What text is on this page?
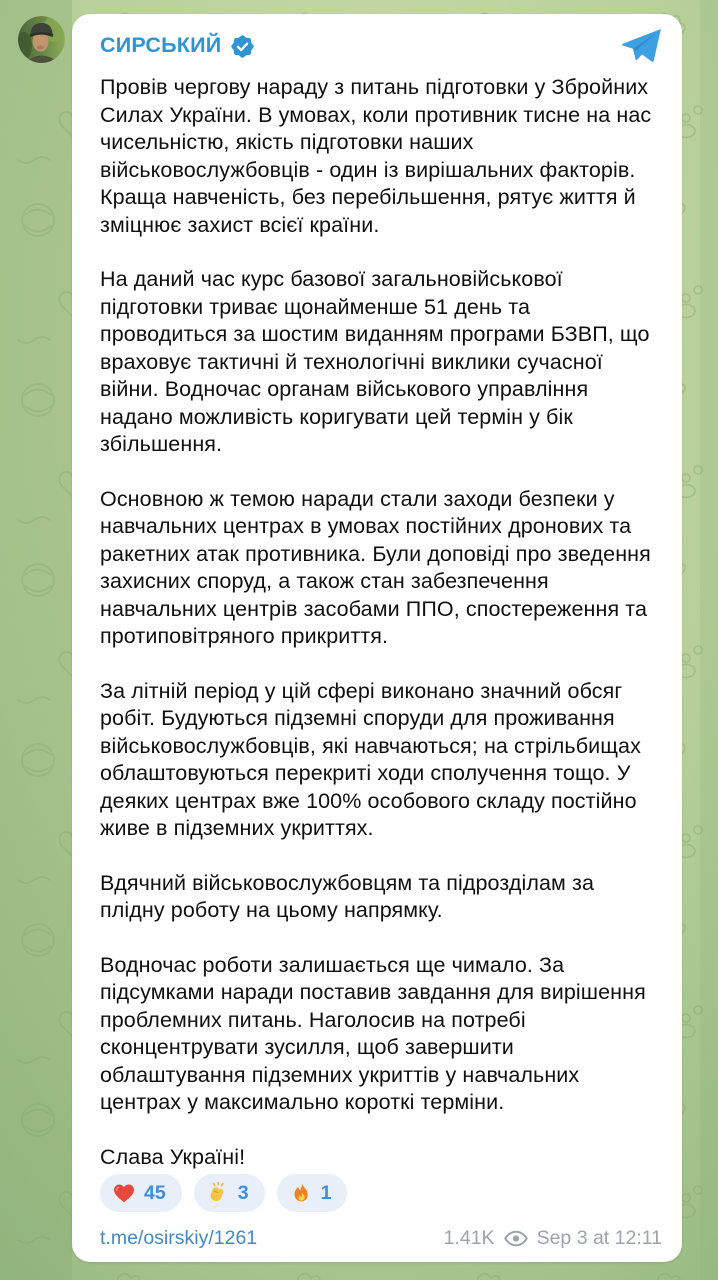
СИРСЬКИЙ

Провів чергову нараду з питань підготовки у Збройних Силах України. В умовах, коли противник тисне на нас чисельністю, якість підготовки наших військовослужбовців - один із вирішальних факторів. Краща навченість, без перебільшення, рятує життя й зміцнює захист всієї країни.

На даний час курс базової загальновійськової підготовки триває щонайменше 51 день та проводиться за шостим виданням програми БЗВП, що враховує тактичні й технологічні виклики сучасної війни. Водночас органам військового управління надано можливість коригувати цей термін у бік збільшення.

Основною ж темою наради стали заходи безпеки у навчальних центрах в умовах постійних дронових та ракетних атак противника. Були доповіді про зведення захисних споруд, а також стан забезпечення навчальних центрів засобами ППО, спостереження та протиповітряного прикриття.

За літній період у цій сфері виконано значний обсяг робіт. Будуються підземні споруди для проживання військовослужбовців, які навчаються; на стрільбищах облаштовуються перекриті ходи сполучення тощо. У деяких центрах вже 100% особового складу постійно живе в підземних укриттях.

Вдячний військовослужбовцям та підрозділам за плідну роботу на цьому напрямку.

Водночас роботи залишається ще чимало. За підсумками наради поставив завдання для вирішення проблемних питань. Наголосив на потребі сконцентрувати зусилля, щоб завершити облаштування підземних укриттів у навчальних центрах у максимально короткі терміни.

Слава Україні!

45	3	1
t.me/osirskiy/1261	1.41K Sep 3 at 12:11
